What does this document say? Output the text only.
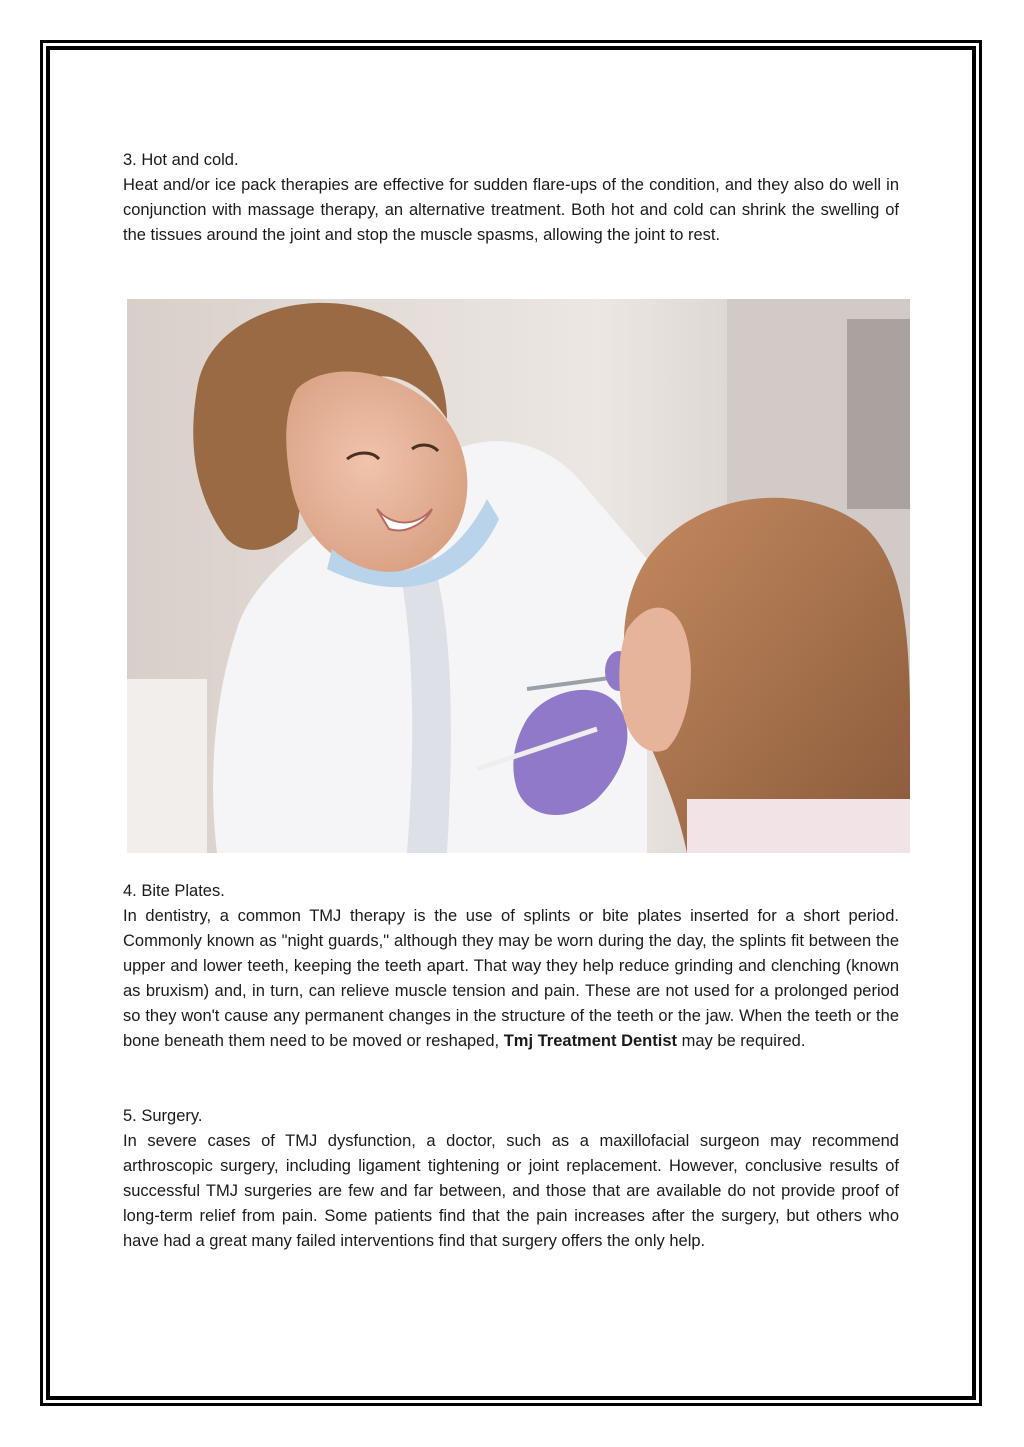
3. Hot and cold.

Heat and/or ice pack therapies are effective for sudden flare-ups of the condition, and they also do well in conjunction with massage therapy, an alternative treatment. Both hot and cold can shrink the swelling of the tissues around the joint and stop the muscle spasms, allowing the joint to rest.

4. Bite Plates.

In dentistry, a common TMJ therapy is the use of splints or bite plates inserted for a short period. Commonly known as "night guards," although they may be worn during the day, the splints fit between the upper and lower teeth, keeping the teeth apart. That way they help reduce grinding and clenching (known as bruxism) and, in turn, can relieve muscle tension and pain. These are not used for a prolonged period so they won't cause any permanent changes in the structure of the teeth or the jaw. When the teeth or the bone beneath them need to be moved or reshaped, Tmj Treatment Dentist may be required.

5. Surgery.

In severe cases of TMJ dysfunction, a doctor, such as a maxillofacial surgeon may recommend arthroscopic surgery, including ligament tightening or joint replacement. However, conclusive results of successful TMJ surgeries are few and far between, and those that are available do not provide proof of long-term relief from pain. Some patients find that the pain increases after the surgery, but others who have had a great many failed interventions find that surgery offers the only help.
